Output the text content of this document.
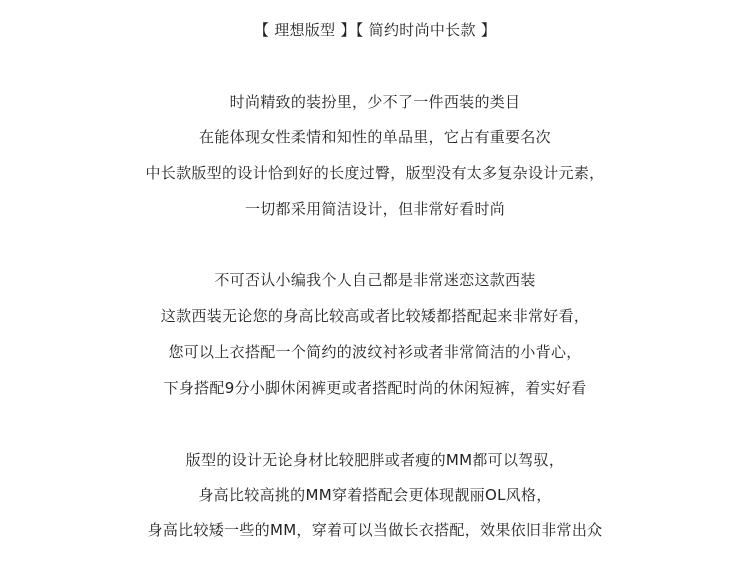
【 理想版型 】【 简约时尚中长款 】
时尚精致的装扮里，少不了一件西装的类目
在能体现女性柔情和知性的单品里，它占有重要名次
中长款版型的设计恰到好的长度过臀，版型没有太多复杂设计元素，
一切都采用简洁设计，但非常好看时尚
不可否认小编我个人自己都是非常迷恋这款西装
这款西装无论您的身高比较高或者比较矮都搭配起来非常好看，
您可以上衣搭配一个简约的波纹衬衫或者非常简洁的小背心，
下身搭配9分小脚休闲裤更或者搭配时尚的休闲短裤，着实好看
版型的设计无论身材比较肥胖或者瘦的MM都可以驾驭，
身高比较高挑的MM穿着搭配会更体现靓丽OL风格，
身高比较矮一些的MM，穿着可以当做长衣搭配，效果依旧非常出众
